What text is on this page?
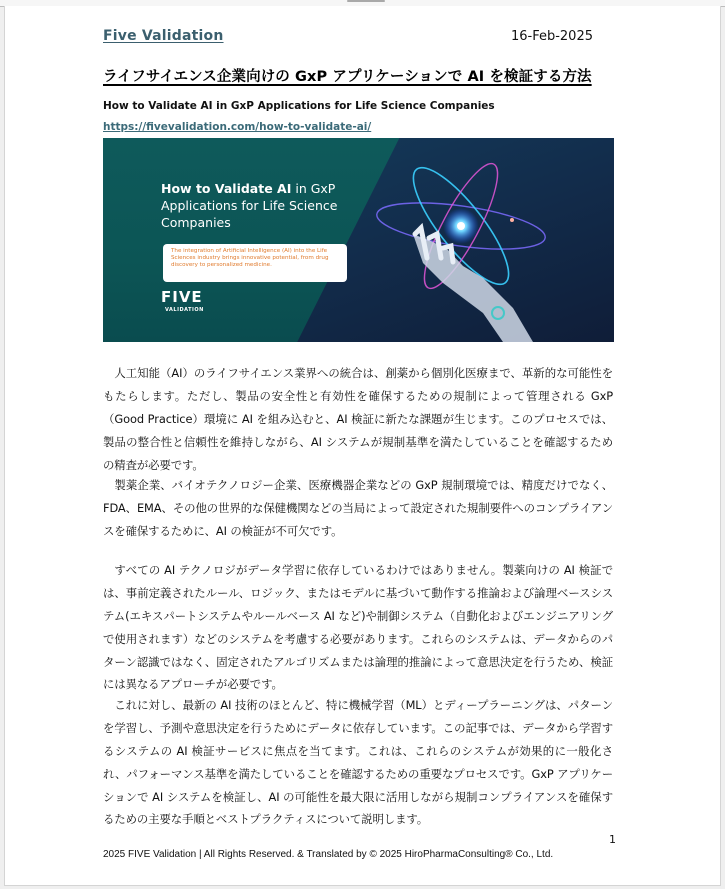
Five Validation	16-Feb-2025
ライフサイエンス企業向けの GxP アプリケーションで AI を検証する方法
How to Validate AI in GxP Applications for Life Science Companies
https://fivevalidation.com/how-to-validate-ai/
How to Validate AI in GxP Applications for Life Science Companies
The integration of Artificial Intelligence (AI) into the Life Sciences industry brings innovative potential, from drug discovery to personalized medicine.
FIVE
VALIDATION

人工知能（AI）のライフサイエンス業界への統合は、創薬から個別化医療まで、革新的な可能性をもたらします。ただし、製品の安全性と有効性を確保するための規制によって管理される GxP（Good Practice）環境に AI を組み込むと、AI 検証に新たな課題が生じます。このプロセスでは、製品の整合性と信頼性を維持しながら、AI システムが規制基準を満たしていることを確認するための精査が必要です。

製薬企業、バイオテクノロジー企業、医療機器企業などの GxP 規制環境では、精度だけでなく、FDA、EMA、その他の世界的な保健機関などの当局によって設定された規制要件へのコンプライアンスを確保するために、AI の検証が不可欠です。

すべての AI テクノロジがデータ学習に依存しているわけではありません。製薬向けの AI 検証では、事前定義されたルール、ロジック、またはモデルに基づいて動作する推論および論理ベースシステム(エキスパートシステムやルールベース AI など)や制御システム（自動化およびエンジニアリングで使用されます）などのシステムを考慮する必要があります。これらのシステムは、データからのパターン認識ではなく、固定されたアルゴリズムまたは論理的推論によって意思決定を行うため、検証には異なるアプローチが必要です。

これに対し、最新の AI 技術のほとんど、特に機械学習（ML）とディープラーニングは、パターンを学習し、予測や意思決定を行うためにデータに依存しています。この記事では、データから学習するシステムの AI 検証サービスに焦点を当てます。これは、これらのシステムが効果的に一般化され、パフォーマンス基準を満たしていることを確認するための重要なプロセスです。GxP アプリケーションで AI システムを検証し、AI の可能性を最大限に活用しながら規制コンプライアンスを確保するための主要な手順とベストプラクティスについて説明します。

1
2025 FIVE Validation | All Rights Reserved. & Translated by © 2025 HiroPharmaConsulting® Co., Ltd.
